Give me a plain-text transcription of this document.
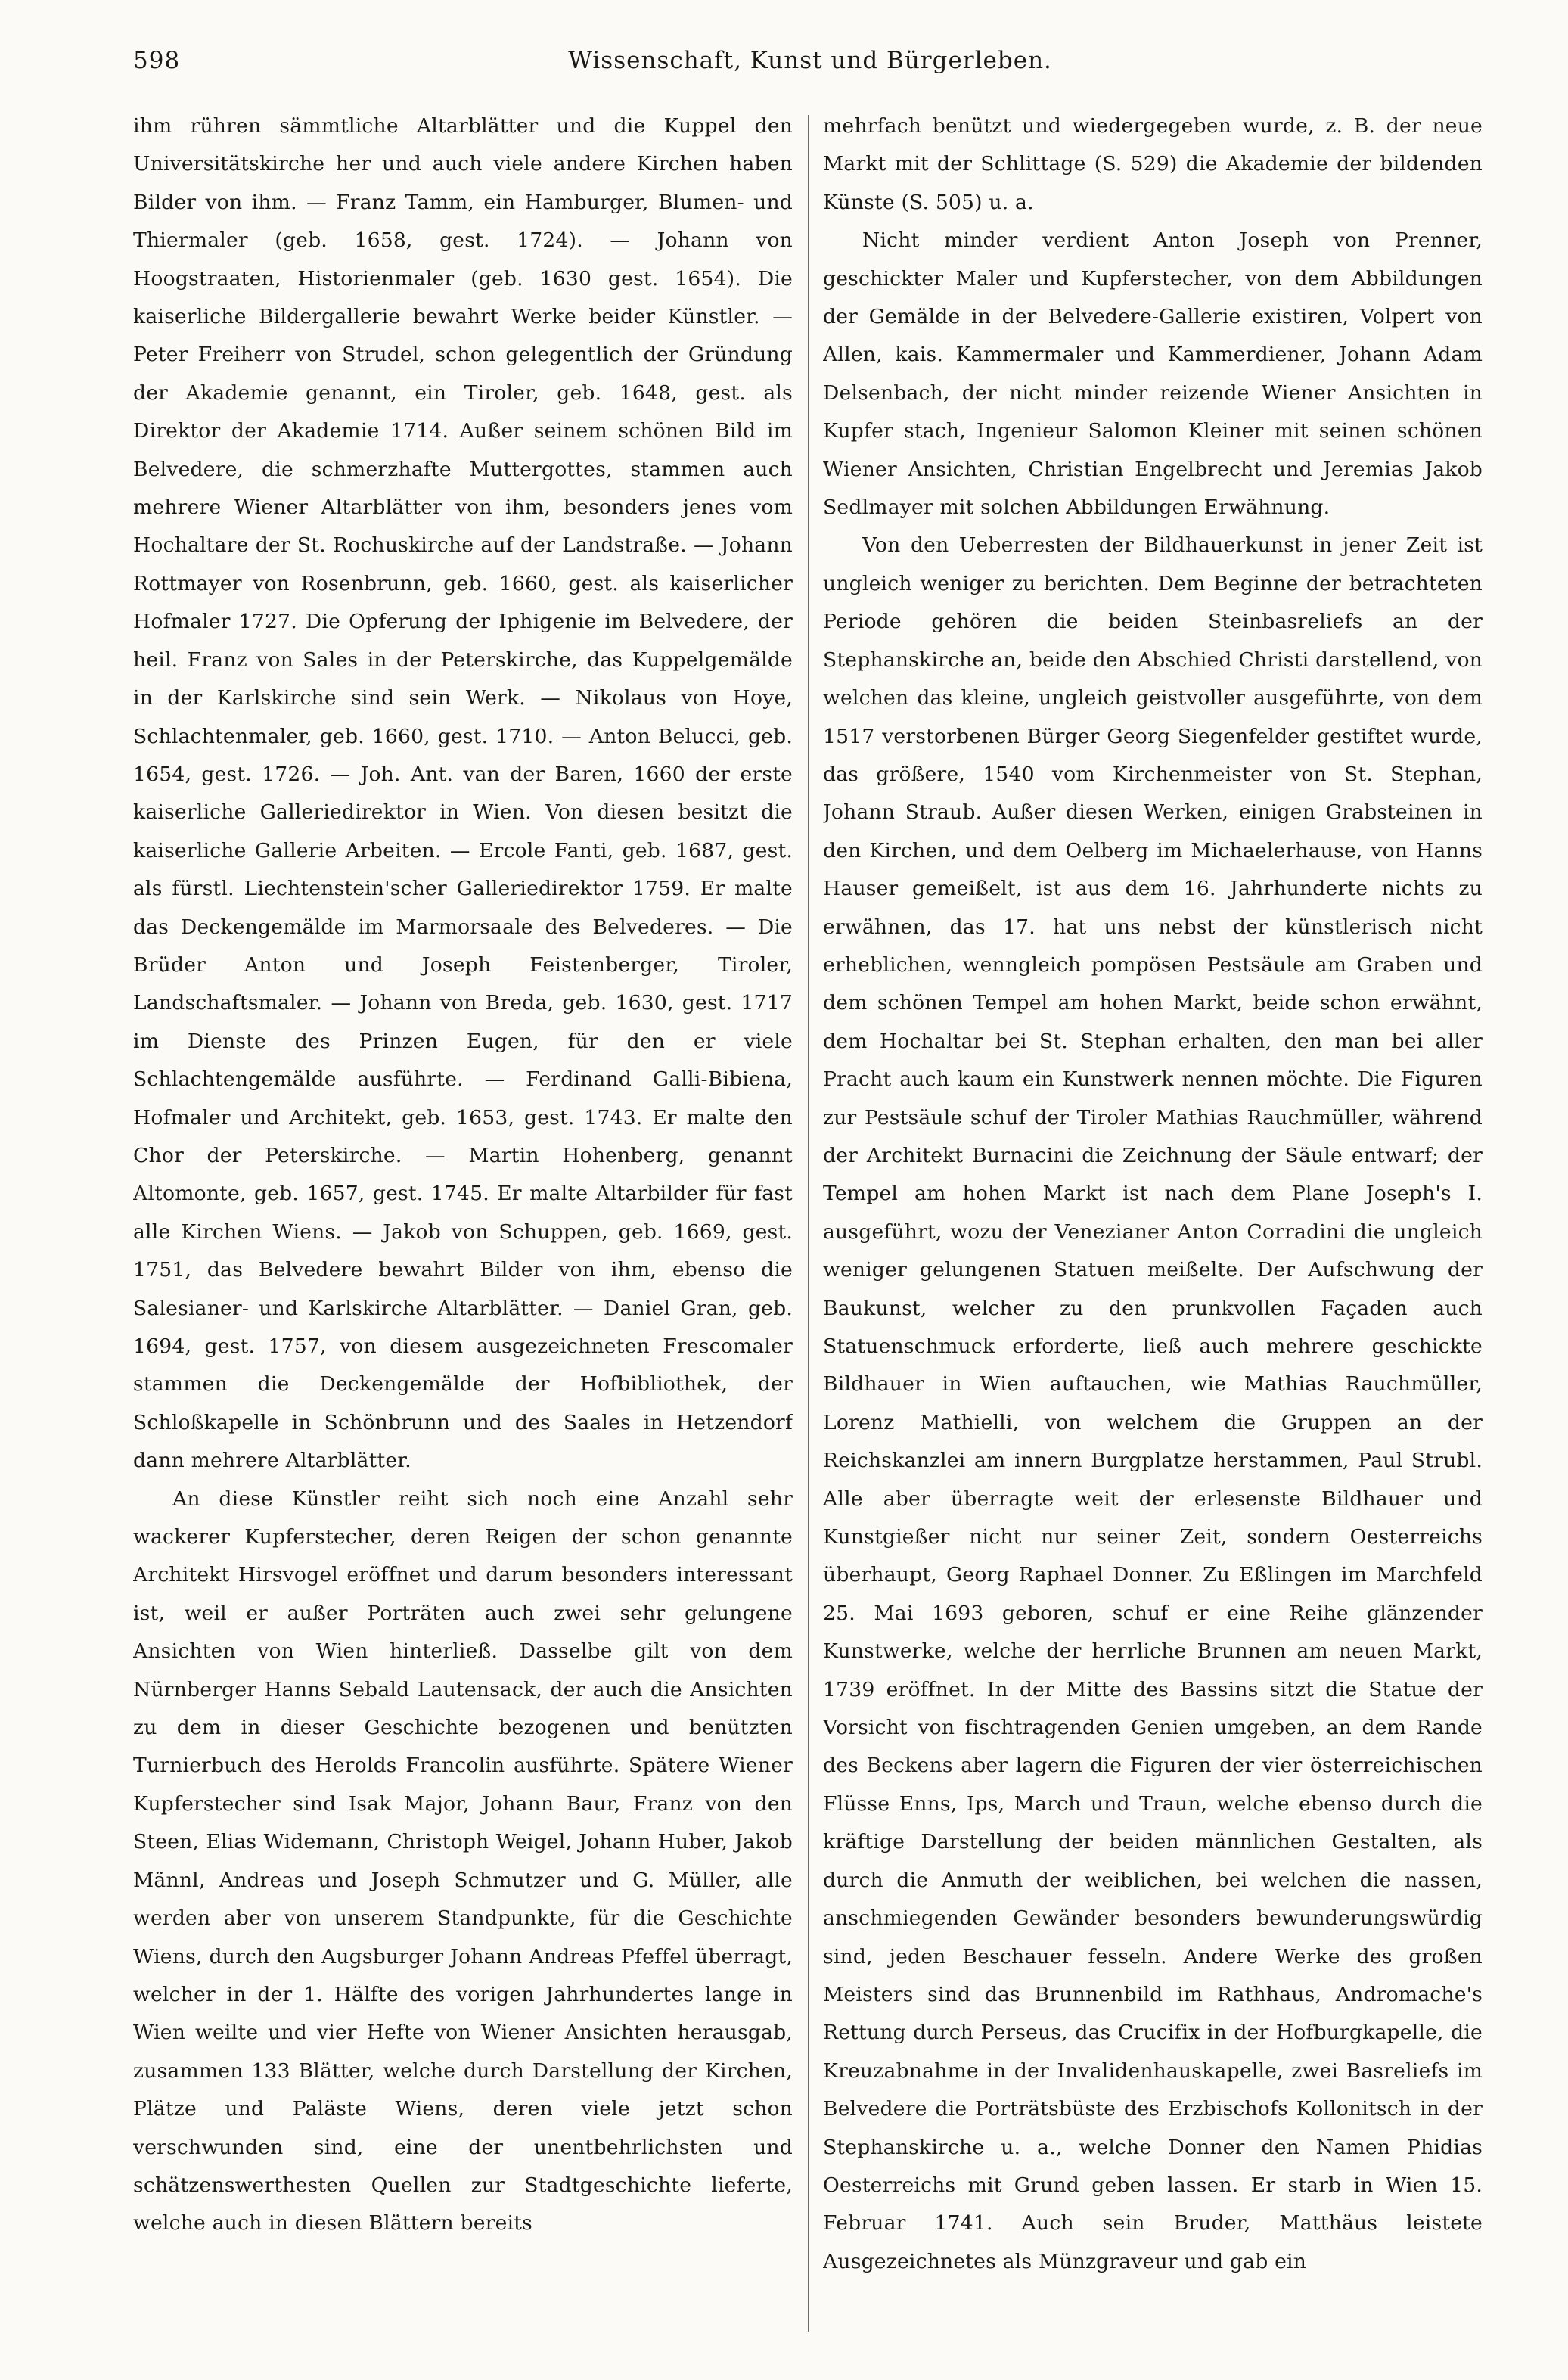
598	Wissenschaft, Kunst und Bürgerleben.

ihm rühren sämmtliche Altarblätter und die Kuppel den Universitätskirche her und auch viele andere Kirchen haben Bilder von ihm. — Franz Tamm, ein Hamburger, Blumen- und Thiermaler (geb. 1658, gest. 1724). — Johann von Hoogstraaten, Historienmaler (geb. 1630 gest. 1654). Die kaiserliche Bildergallerie bewahrt Werke beider Künstler. — Peter Freiherr von Strudel, schon gelegentlich der Gründung der Akademie genannt, ein Tiroler, geb. 1648, gest. als Direktor der Akademie 1714. Außer seinem schönen Bild im Belvedere, die schmerzhafte Muttergottes, stammen auch mehrere Wiener Altarblätter von ihm, besonders jenes vom Hochaltare der St. Rochuskirche auf der Landstraße. — Johann Rottmayer von Rosenbrunn, geb. 1660, gest. als kaiserlicher Hofmaler 1727. Die Opferung der Iphigenie im Belvedere, der heil. Franz von Sales in der Peterskirche, das Kuppelgemälde in der Karlskirche sind sein Werk. — Nikolaus von Hoye, Schlachtenmaler, geb. 1660, gest. 1710. — Anton Belucci, geb. 1654, gest. 1726. — Joh. Ant. van der Baren, 1660 der erste kaiserliche Galleriedirektor in Wien. Von diesen besitzt die kaiserliche Gallerie Arbeiten. — Ercole Fanti, geb. 1687, gest. als fürstl. Liechtenstein'scher Galleriedirektor 1759. Er malte das Deckengemälde im Marmorsaale des Belvederes. — Die Brüder Anton und Joseph Feistenberger, Tiroler, Landschaftsmaler. — Johann von Breda, geb. 1630, gest. 1717 im Dienste des Prinzen Eugen, für den er viele Schlachtengemälde ausführte. — Ferdinand Galli-Bibiena, Hofmaler und Architekt, geb. 1653, gest. 1743. Er malte den Chor der Peterskirche. — Martin Hohenberg, genannt Altomonte, geb. 1657, gest. 1745. Er malte Altarbilder für fast alle Kirchen Wiens. — Jakob von Schuppen, geb. 1669, gest. 1751, das Belvedere bewahrt Bilder von ihm, ebenso die Salesianer- und Karlskirche Altarblätter. — Daniel Gran, geb. 1694, gest. 1757, von diesem ausgezeichneten Frescomaler stammen die Deckengemälde der Hofbibliothek, der Schloßkapelle in Schönbrunn und des Saales in Hetzendorf dann mehrere Altarblätter.

An diese Künstler reiht sich noch eine Anzahl sehr wackerer Kupferstecher, deren Reigen der schon genannte Architekt Hirsvogel eröffnet und darum besonders interessant ist, weil er außer Porträten auch zwei sehr gelungene Ansichten von Wien hinterließ. Dasselbe gilt von dem Nürnberger Hanns Sebald Lautensack, der auch die Ansichten zu dem in dieser Geschichte bezogenen und benützten Turnierbuch des Herolds Francolin ausführte. Spätere Wiener Kupferstecher sind Isak Major, Johann Baur, Franz von den Steen, Elias Widemann, Christoph Weigel, Johann Huber, Jakob Männl, Andreas und Joseph Schmutzer und G. Müller, alle werden aber von unserem Standpunkte, für die Geschichte Wiens, durch den Augsburger Johann Andreas Pfeffel überragt, welcher in der 1. Hälfte des vorigen Jahrhundertes lange in Wien weilte und vier Hefte von Wiener Ansichten herausgab, zusammen 133 Blätter, welche durch Darstellung der Kirchen, Plätze und Paläste Wiens, deren viele jetzt schon verschwunden sind, eine der unentbehrlichsten und schätzenswerthesten Quellen zur Stadtgeschichte lieferte, welche auch in diesen Blättern bereits

mehrfach benützt und wiedergegeben wurde, z. B. der neue Markt mit der Schlittage (S. 529) die Akademie der bildenden Künste (S. 505) u. a.

Nicht minder verdient Anton Joseph von Prenner, geschickter Maler und Kupferstecher, von dem Abbildungen der Gemälde in der Belvedere-Gallerie existiren, Volpert von Allen, kais. Kammermaler und Kammerdiener, Johann Adam Delsenbach, der nicht minder reizende Wiener Ansichten in Kupfer stach, Ingenieur Salomon Kleiner mit seinen schönen Wiener Ansichten, Christian Engelbrecht und Jeremias Jakob Sedlmayer mit solchen Abbildungen Erwähnung.

Von den Ueberresten der Bildhauerkunst in jener Zeit ist ungleich weniger zu berichten. Dem Beginne der betrachteten Periode gehören die beiden Steinbasreliefs an der Stephanskirche an, beide den Abschied Christi darstellend, von welchen das kleine, ungleich geistvoller ausgeführte, von dem 1517 verstorbenen Bürger Georg Siegenfelder gestiftet wurde, das größere, 1540 vom Kirchenmeister von St. Stephan, Johann Straub. Außer diesen Werken, einigen Grabsteinen in den Kirchen, und dem Oelberg im Michaelerhause, von Hanns Hauser gemeißelt, ist aus dem 16. Jahrhunderte nichts zu erwähnen, das 17. hat uns nebst der künstlerisch nicht erheblichen, wenngleich pompösen Pestsäule am Graben und dem schönen Tempel am hohen Markt, beide schon erwähnt, dem Hochaltar bei St. Stephan erhalten, den man bei aller Pracht auch kaum ein Kunstwerk nennen möchte. Die Figuren zur Pestsäule schuf der Tiroler Mathias Rauchmüller, während der Architekt Burnacini die Zeichnung der Säule entwarf; der Tempel am hohen Markt ist nach dem Plane Joseph's I. ausgeführt, wozu der Venezianer Anton Corradini die ungleich weniger gelungenen Statuen meißelte. Der Aufschwung der Baukunst, welcher zu den prunkvollen Façaden auch Statuenschmuck erforderte, ließ auch mehrere geschickte Bildhauer in Wien auftauchen, wie Mathias Rauchmüller, Lorenz Mathielli, von welchem die Gruppen an der Reichskanzlei am innern Burgplatze herstammen, Paul Strubl. Alle aber überragte weit der erlesenste Bildhauer und Kunstgießer nicht nur seiner Zeit, sondern Oesterreichs überhaupt, Georg Raphael Donner. Zu Eßlingen im Marchfeld 25. Mai 1693 geboren, schuf er eine Reihe glänzender Kunstwerke, welche der herrliche Brunnen am neuen Markt, 1739 eröffnet. In der Mitte des Bassins sitzt die Statue der Vorsicht von fischtragenden Genien umgeben, an dem Rande des Beckens aber lagern die Figuren der vier österreichischen Flüsse Enns, Ips, March und Traun, welche ebenso durch die kräftige Darstellung der beiden männlichen Gestalten, als durch die Anmuth der weiblichen, bei welchen die nassen, anschmiegenden Gewänder besonders bewunderungswürdig sind, jeden Beschauer fesseln. Andere Werke des großen Meisters sind das Brunnenbild im Rathhaus, Andromache's Rettung durch Perseus, das Crucifix in der Hofburgkapelle, die Kreuzabnahme in der Invalidenhauskapelle, zwei Basreliefs im Belvedere die Porträtsbüste des Erzbischofs Kollonitsch in der Stephanskirche u. a., welche Donner den Namen Phidias Oesterreichs mit Grund geben lassen. Er starb in Wien 15. Februar 1741. Auch sein Bruder, Matthäus leistete Ausgezeichnetes als Münzgraveur und gab ein
